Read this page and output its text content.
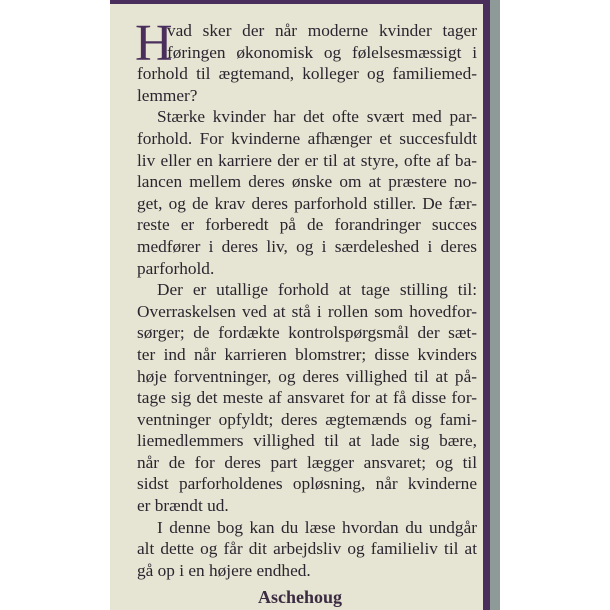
H
vad sker der når moderne kvinder tager
føringen økonomisk og følelsesmæssigt i
forhold til ægtemand, kolleger og familiemed-
lemmer?
Stærke kvinder har det ofte svært med par-
forhold. For kvinderne afhænger et succesfuldt
liv eller en karriere der er til at styre, ofte af ba-
lancen mellem deres ønske om at præstere no-
get, og de krav deres parforhold stiller. De fær-
reste er forberedt på de forandringer succes
medfører i deres liv, og i særdeleshed i deres
parforhold.
Der er utallige forhold at tage stilling til:
Overraskelsen ved at stå i rollen som hovedfor-
sørger; de fordækte kontrolspørgsmål der sæt-
ter ind når karrieren blomstrer; disse kvinders
høje forventninger, og deres villighed til at på-
tage sig det meste af ansvaret for at få disse for-
ventninger opfyldt; deres ægtemænds og fami-
liemedlemmers villighed til at lade sig bære,
når de for deres part lægger ansvaret; og til
sidst parforholdenes opløsning, når kvinderne
er brændt ud.
I denne bog kan du læse hvordan du undgår
alt dette og får dit arbejdsliv og familieliv til at
gå op i en højere endhed.
Aschehoug
